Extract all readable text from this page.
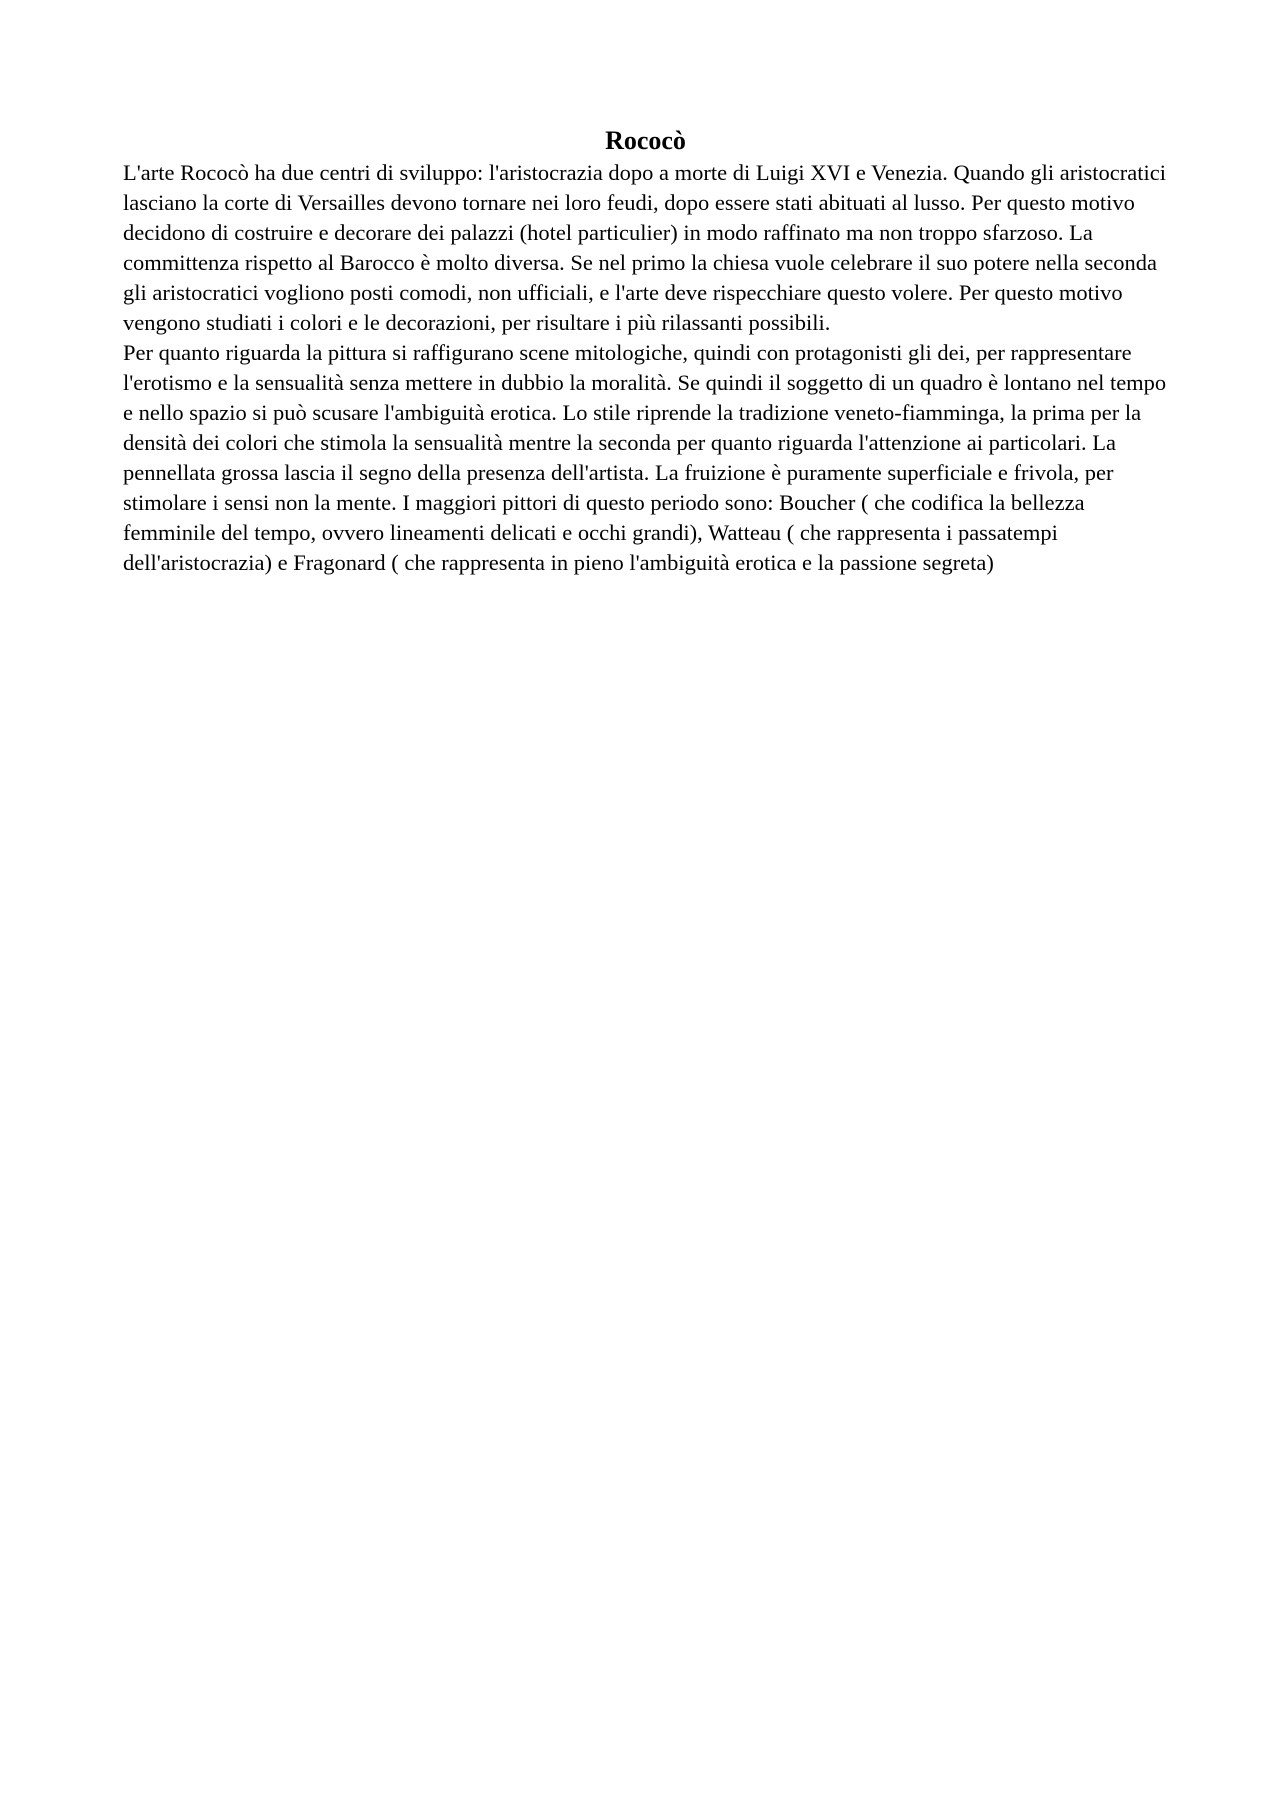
Rococò

L'arte Rococò ha due centri di sviluppo: l'aristocrazia dopo a morte di Luigi XVI e Venezia. Quando gli aristocratici lasciano la corte di Versailles devono tornare nei loro feudi, dopo essere stati abituati al lusso. Per questo motivo decidono di costruire e decorare dei palazzi (hotel particulier) in modo raffinato ma non troppo sfarzoso. La committenza rispetto al Barocco è molto diversa. Se nel primo la chiesa vuole celebrare il suo potere nella seconda gli aristocratici vogliono posti comodi, non ufficiali, e l'arte deve rispecchiare questo volere. Per questo motivo vengono studiati i colori e le decorazioni, per risultare i più rilassanti possibili.

Per quanto riguarda la pittura si raffigurano scene mitologiche, quindi con protagonisti gli dei, per rappresentare l'erotismo e la sensualità senza mettere in dubbio la moralità. Se quindi il soggetto di un quadro è lontano nel tempo e nello spazio si può scusare l'ambiguità erotica. Lo stile riprende la tradizione veneto-fiamminga, la prima per la densità dei colori che stimola la sensualità mentre la seconda per quanto riguarda l'attenzione ai particolari. La pennellata grossa lascia il segno della presenza dell'artista. La fruizione è puramente superficiale e frivola, per stimolare i sensi non la mente. I maggiori pittori di questo periodo sono: Boucher ( che codifica la bellezza femminile del tempo, ovvero lineamenti delicati e occhi grandi), Watteau ( che rappresenta i passatempi dell'aristocrazia) e Fragonard ( che rappresenta in pieno l'ambiguità erotica e la passione segreta)
